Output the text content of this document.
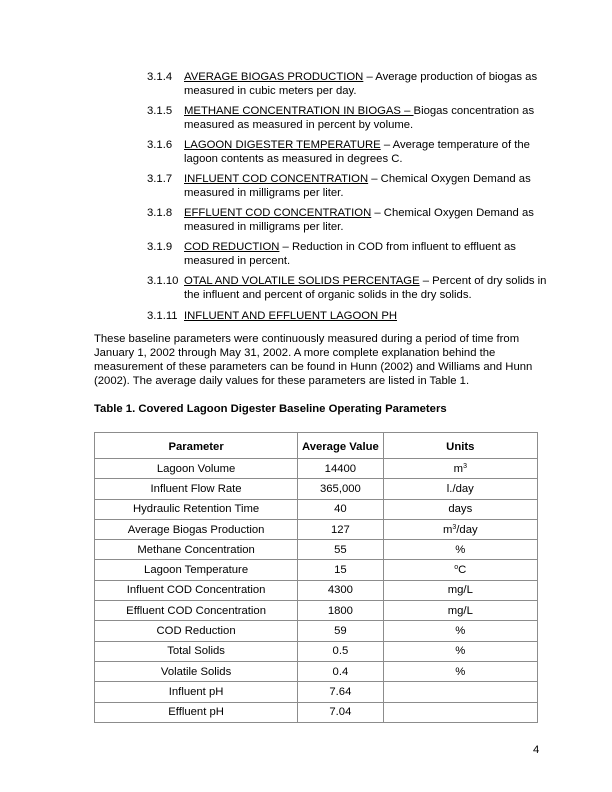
3.1.4	AVERAGE BIOGAS PRODUCTION – Average production of biogas as measured in cubic meters per day.
3.1.5	METHANE CONCENTRATION IN BIOGAS – Biogas concentration as measured as measured in percent by volume.
3.1.6	LAGOON DIGESTER TEMPERATURE – Average temperature of the lagoon contents as measured in degrees C.
3.1.7	INFLUENT COD CONCENTRATION – Chemical Oxygen Demand as measured in milligrams per liter.
3.1.8	EFFLUENT COD CONCENTRATION – Chemical Oxygen Demand as measured in milligrams per liter.
3.1.9	COD REDUCTION – Reduction in COD from influent to effluent as measured in percent.
3.1.10 OTAL AND VOLATILE SOLIDS PERCENTAGE – Percent of dry solids in the influent and percent of organic solids in the dry solids.
3.1.11 INFLUENT AND EFFLUENT LAGOON PH

These baseline parameters were continuously measured during a period of time from January 1, 2002 through May 31, 2002. A more complete explanation behind the measurement of these parameters can be found in Hunn (2002) and Williams and Hunn (2002). The average daily values for these parameters are listed in Table 1.

Table 1. Covered Lagoon Digester Baseline Operating Parameters

Parameter	Average Value	Units
Lagoon Volume	14400	$m^3$
Influent Flow Rate	365,000	l./day
Hydraulic Retention Time	40	days
Average Biogas Production	127	$m^3$/day
Methane Concentration	55	%
Lagoon Temperature	15	$^o$C
Influent COD Concentration	4300	mg/L
Effluent COD Concentration	1800	mg/L
COD Reduction	59	%
Total Solids	0.5	%
Volatile Solids	0.4	%
Influent pH	7.64	
Effluent pH	7.04	
4
